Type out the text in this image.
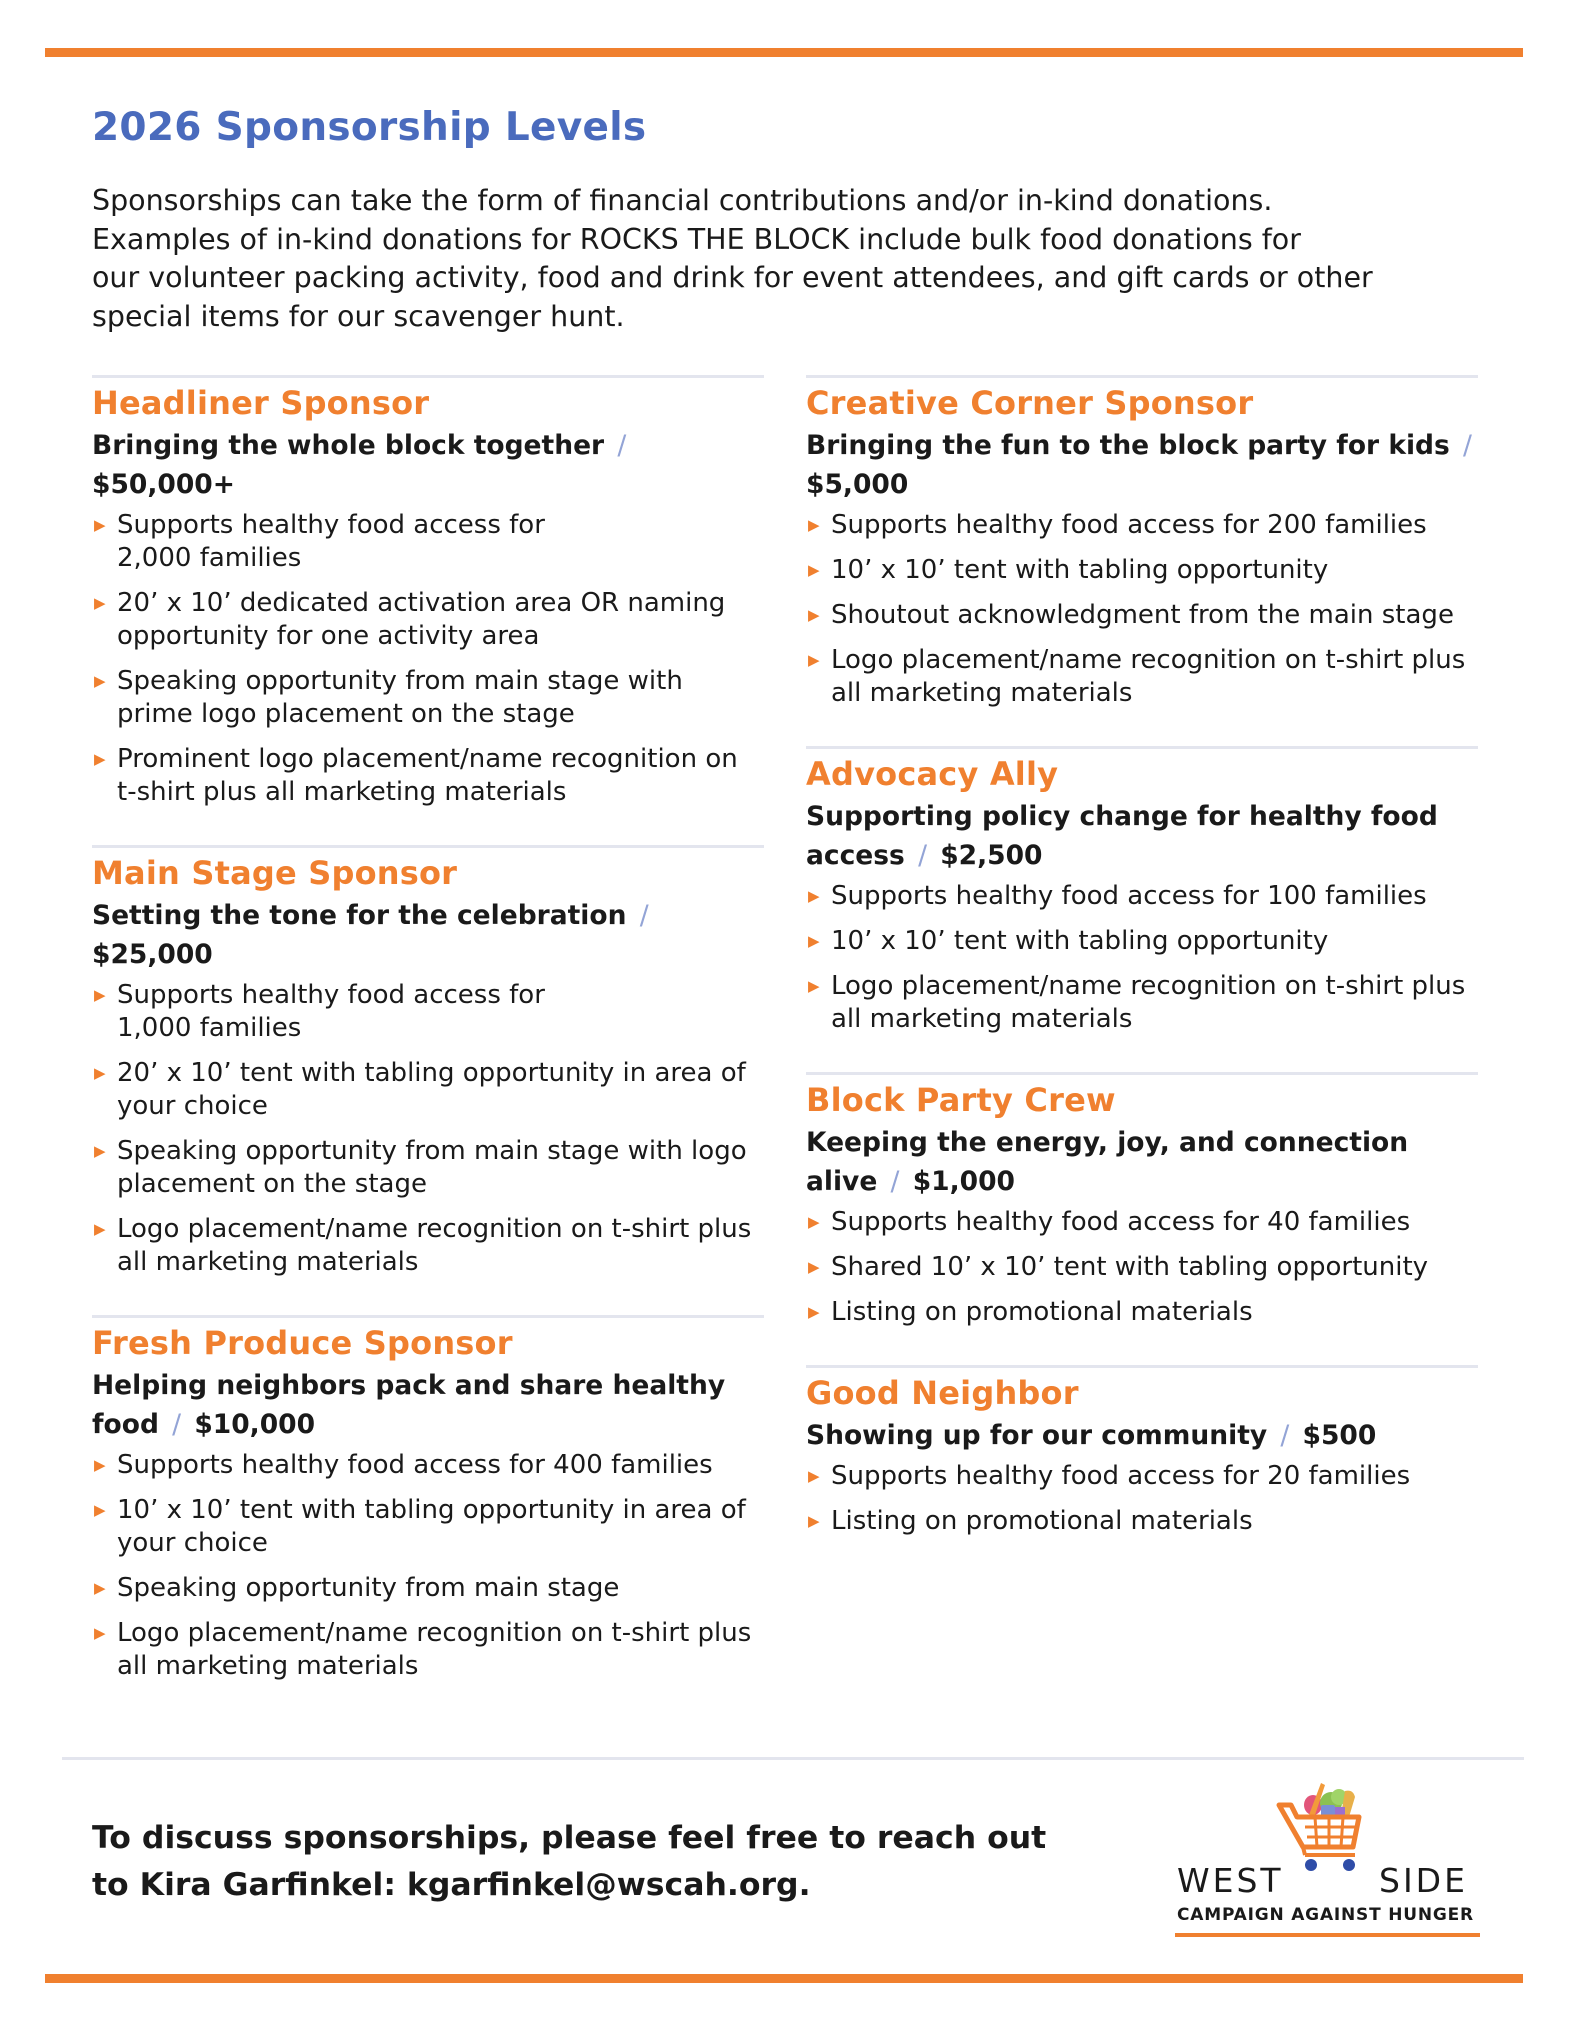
2026 Sponsorship Levels

Sponsorships can take the form of financial contributions and/or in-kind donations.

Examples of in-kind donations for ROCKS THE BLOCK include bulk food donations for

our volunteer packing activity, food and drink for event attendees, and gift cards or other

special items for our scavenger hunt.

Headliner Sponsor
Bringing the whole block together /
$50,000+
▶ Supports healthy food access for
2,000 families
▶ 20’ x 10’ dedicated activation area OR naming opportunity for one activity area
▶ Speaking opportunity from main stage with prime logo placement on the stage
▶ Prominent logo placement/name recognition on t-shirt plus all marketing materials
Main Stage Sponsor
Setting the tone for the celebration /
$25,000
▶ Supports healthy food access for
1,000 families
▶ 20’ x 10’ tent with tabling opportunity in area of your choice
▶ Speaking opportunity from main stage with logo placement on the stage
▶ Logo placement/name recognition on t-shirt plus all marketing materials
Fresh Produce Sponsor
Helping neighbors pack and share healthy food / $10,000
▶ Supports healthy food access for 400 families
▶ 10’ x 10’ tent with tabling opportunity in area of your choice
▶ Speaking opportunity from main stage
▶ Logo placement/name recognition on t-shirt plus all marketing materials
Creative Corner Sponsor
Bringing the fun to the block party for kids /
$5,000
▶ Supports healthy food access for 200 families
▶ 10’ x 10’ tent with tabling opportunity
▶ Shoutout acknowledgment from the main stage
▶ Logo placement/name recognition on t-shirt plus all marketing materials
Advocacy Ally
Supporting policy change for healthy food access / $2,500
▶ Supports healthy food access for 100 families
▶ 10’ x 10’ tent with tabling opportunity
▶ Logo placement/name recognition on t-shirt plus all marketing materials
Block Party Crew
Keeping the energy, joy, and connection alive / $1,000
▶ Supports healthy food access for 40 families
▶ Shared 10’ x 10’ tent with tabling opportunity
▶ Listing on promotional materials
Good Neighbor
Showing up for our community / $500
▶ Supports healthy food access for 20 families
▶ Listing on promotional materials

To discuss sponsorships, please feel free to reach out

to Kira Garfinkel: kgarfinkel@wscah.org.	WEST	SIDE
CAMPAIGN AGAINST HUNGER
